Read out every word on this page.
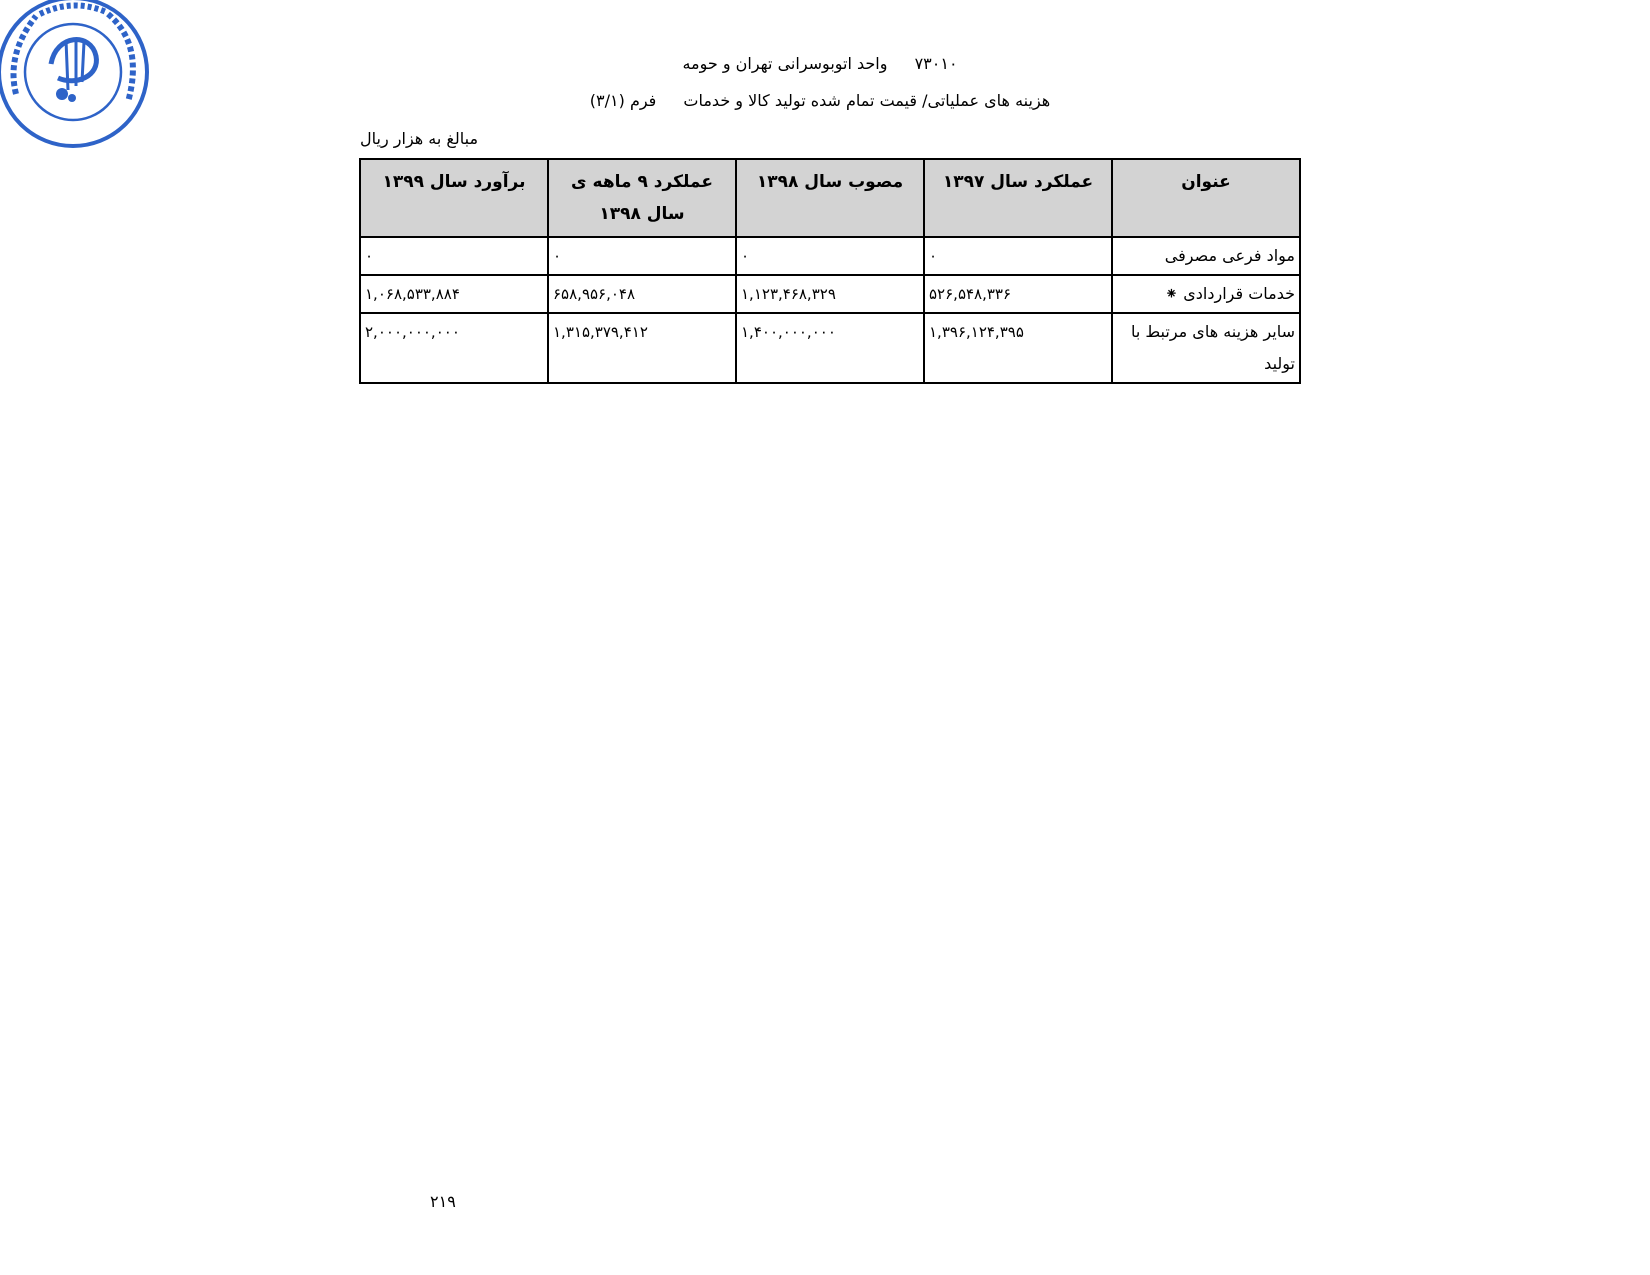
۷۳۰۱۰ واحد اتوبوسرانی تهران و حومه
هزینه های عملیاتی/ قیمت تمام شده تولید کالا و خدمات فرم (۳/۱)
مبالغ به هزار ریال
عنوان	عملکرد سال ۱۳۹۷	مصوب سال ۱۳۹۸	عملکرد ۹ ماهه ی سال ۱۳۹۸	برآورد سال ۱۳۹۹
مواد فرعی مصرفی	۰	۰	۰	۰
خدمات قراردادی ⁕	۵۲۶,۵۴۸,۳۳۶	۱,۱۲۳,۴۶۸,۳۲۹	۶۵۸,۹۵۶,۰۴۸	۱,۰۶۸,۵۳۳,۸۸۴
سایر هزینه های مرتبط با تولید	۱,۳۹۶,۱۲۴,۳۹۵	۱,۴۰۰,۰۰۰,۰۰۰	۱,۳۱۵,۳۷۹,۴۱۲	۲,۰۰۰,۰۰۰,۰۰۰
۲۱۹
